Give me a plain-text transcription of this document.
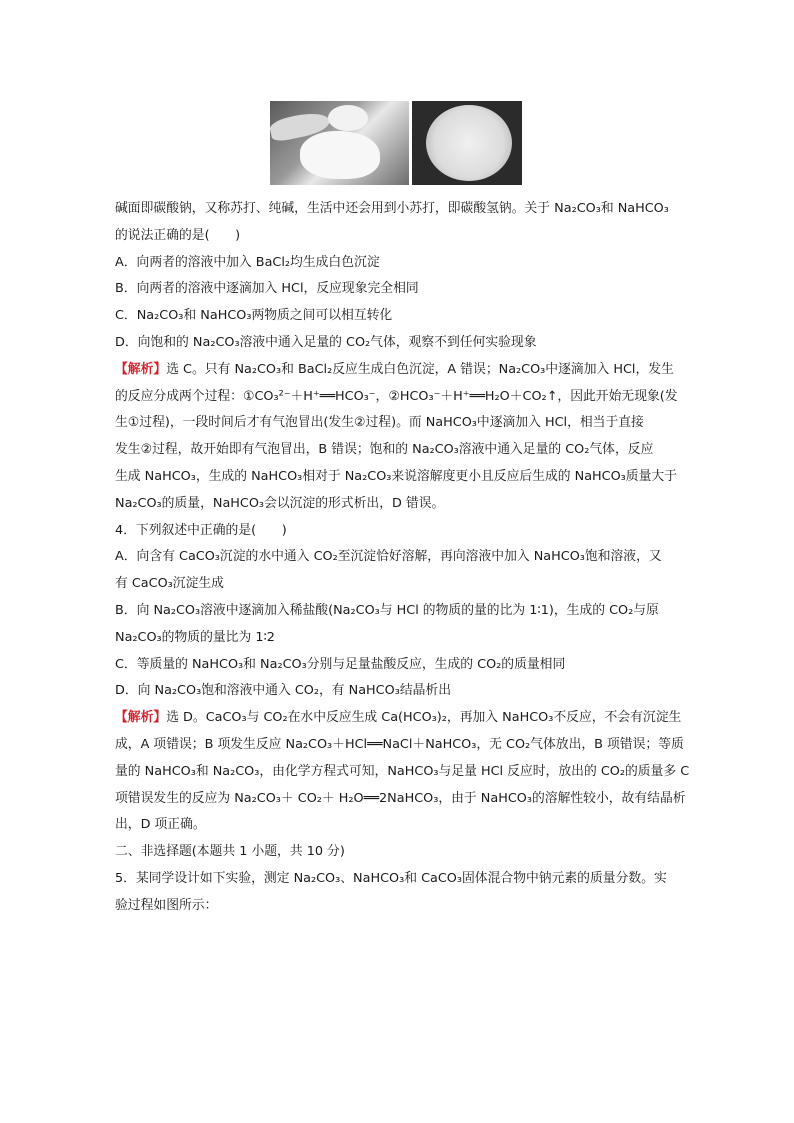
碱面即碳酸钠，又称苏打、纯碱，生活中还会用到小苏打，即碳酸氢钠。关于 Na₂CO₃和 NaHCO₃
的说法正确的是(　　)
A．向两者的溶液中加入 BaCl₂均生成白色沉淀
B．向两者的溶液中逐滴加入 HCl，反应现象完全相同
C．Na₂CO₃和 NaHCO₃两物质之间可以相互转化
D．向饱和的 Na₂CO₃溶液中通入足量的 CO₂气体，观察不到任何实验现象
【解析】选 C。只有 Na₂CO₃和 BaCl₂反应生成白色沉淀，A 错误；Na₂CO₃中逐滴加入 HCl，发生
的反应分成两个过程：①CO₃²⁻＋H⁺══HCO₃⁻，②HCO₃⁻＋H⁺══H₂O＋CO₂↑，因此开始无现象(发
生①过程)，一段时间后才有气泡冒出(发生②过程)。而 NaHCO₃中逐滴加入 HCl，相当于直接
发生②过程，故开始即有气泡冒出，B 错误；饱和的 Na₂CO₃溶液中通入足量的 CO₂气体，反应
生成 NaHCO₃，生成的 NaHCO₃相对于 Na₂CO₃来说溶解度更小且反应后生成的 NaHCO₃质量大于
Na₂CO₃的质量，NaHCO₃会以沉淀的形式析出，D 错误。
4．下列叙述中正确的是(　　)
A．向含有 CaCO₃沉淀的水中通入 CO₂至沉淀恰好溶解，再向溶液中加入 NaHCO₃饱和溶液，又
有 CaCO₃沉淀生成
B．向 Na₂CO₃溶液中逐滴加入稀盐酸(Na₂CO₃与 HCl 的物质的量的比为 1∶1)，生成的 CO₂与原
Na₂CO₃的物质的量比为 1∶2
C．等质量的 NaHCO₃和 Na₂CO₃分别与足量盐酸反应，生成的 CO₂的质量相同
D．向 Na₂CO₃饱和溶液中通入 CO₂，有 NaHCO₃结晶析出
【解析】选 D。CaCO₃与 CO₂在水中反应生成 Ca(HCO₃)₂，再加入 NaHCO₃不反应，不会有沉淀生
成，A 项错误；B 项发生反应 Na₂CO₃＋HCl══NaCl＋NaHCO₃，无 CO₂气体放出，B 项错误；等质
量的 NaHCO₃和 Na₂CO₃，由化学方程式可知，NaHCO₃与足量 HCl 反应时，放出的 CO₂的质量多 C
项错误发生的反应为 Na₂CO₃＋ CO₂＋ H₂O══2NaHCO₃，由于 NaHCO₃的溶解性较小，故有结晶析
出，D 项正确。
二、非选择题(本题共 1 小题，共 10 分)
5．某同学设计如下实验，测定 Na₂CO₃、NaHCO₃和 CaCO₃固体混合物中钠元素的质量分数。实
验过程如图所示：
